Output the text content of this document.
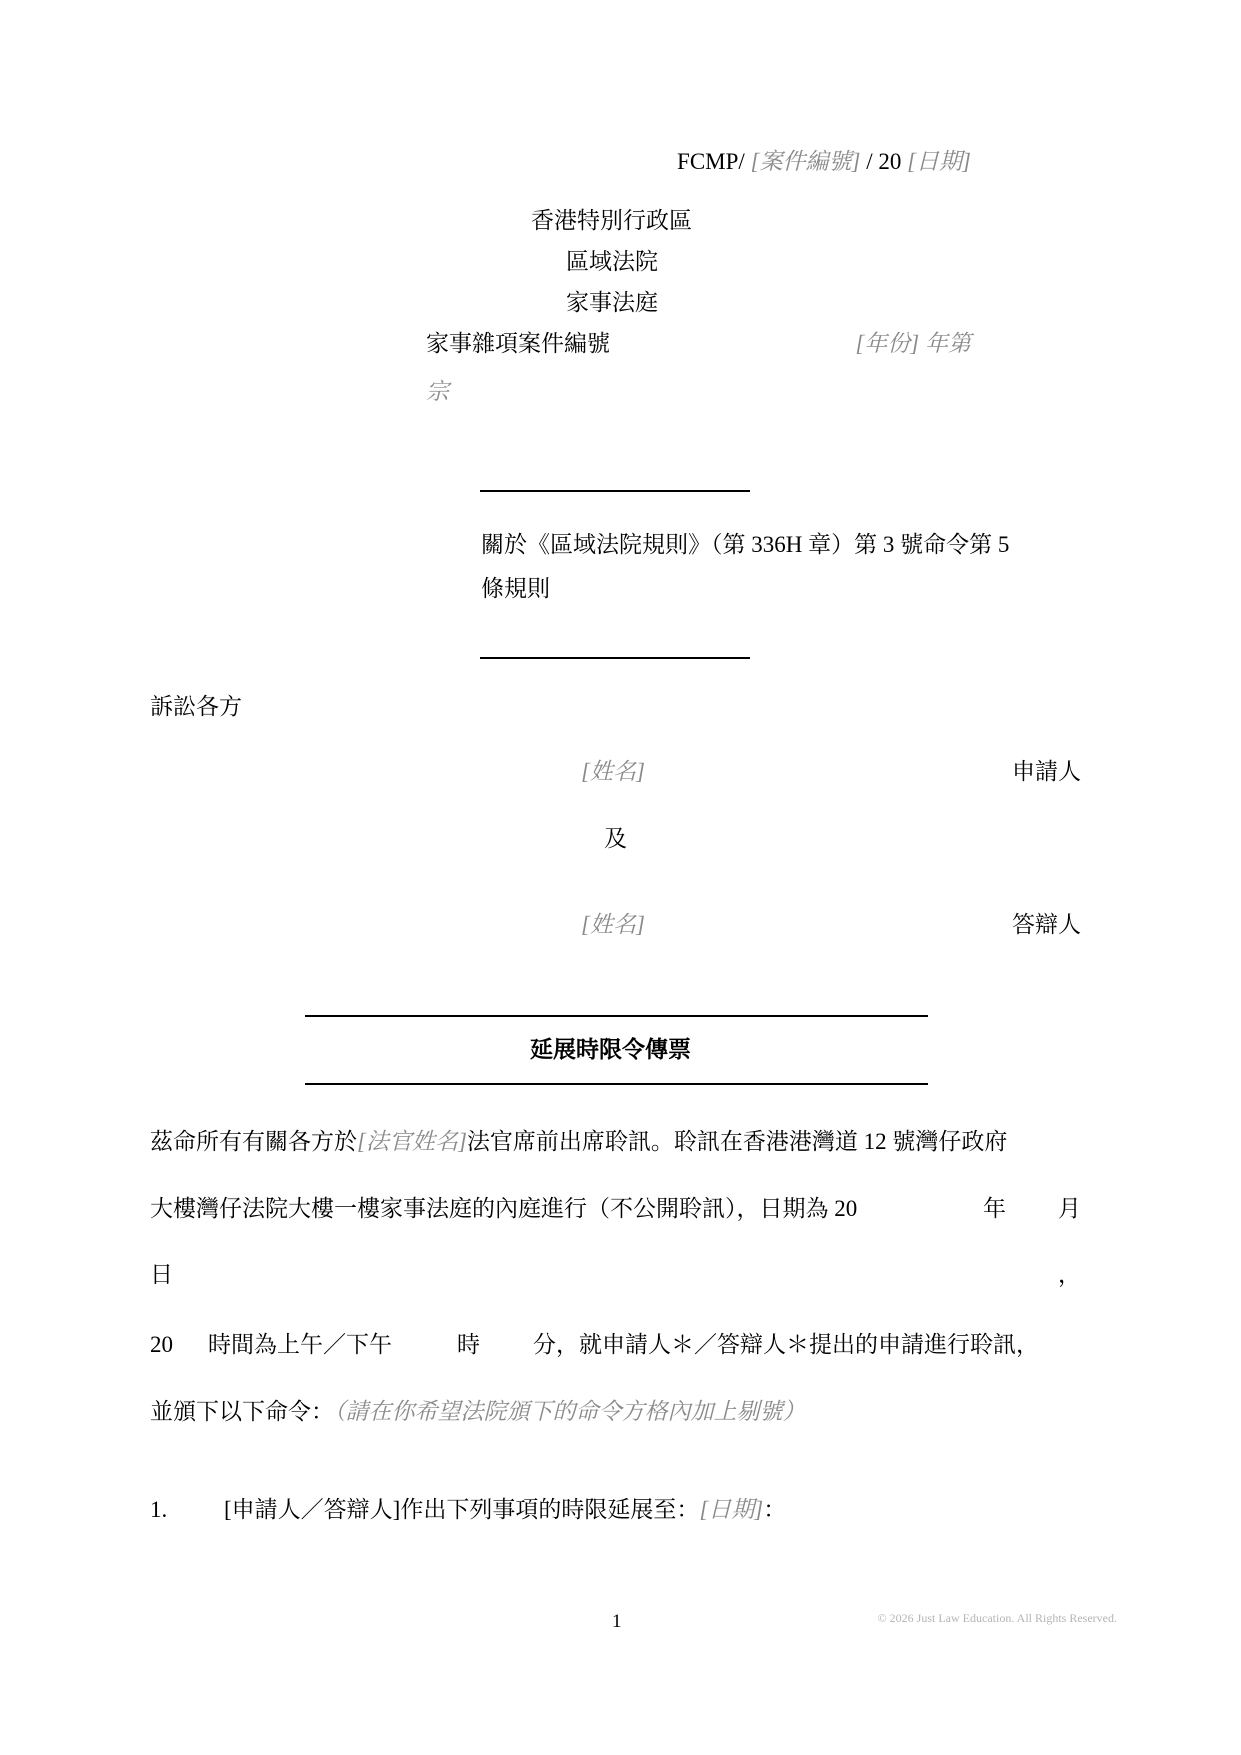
FCMP/ [案件編號] / 20 [日期]
香港特別行政區
區域法院
家事法庭
家事雜項案件編號	[年份] 年第
宗
關於《區域法院規則》（第 336H 章）第 3 號命令第 5
條規則
訴訟各方
[姓名]	申請人
及
[姓名]	答辯人
延展時限令傳票
茲命所有有關各方於[法官姓名]法官席前出席聆訊。聆訊在香港港灣道 12 號灣仔政府
大樓灣仔法院大樓一樓家事法庭的內庭進行（不公開聆訊），日期為 20	年 月
日	，
20 時間為上午／下午	時 分，就申請人＊／答辯人＊提出的申請進行聆訊，
並頒下以下命令：（請在你希望法院頒下的命令方格內加上剔號）
1. [申請人／答辯人]作出下列事項的時限延展至：[日期]：
1	© 2026 Just Law Education. All Rights Reserved.
